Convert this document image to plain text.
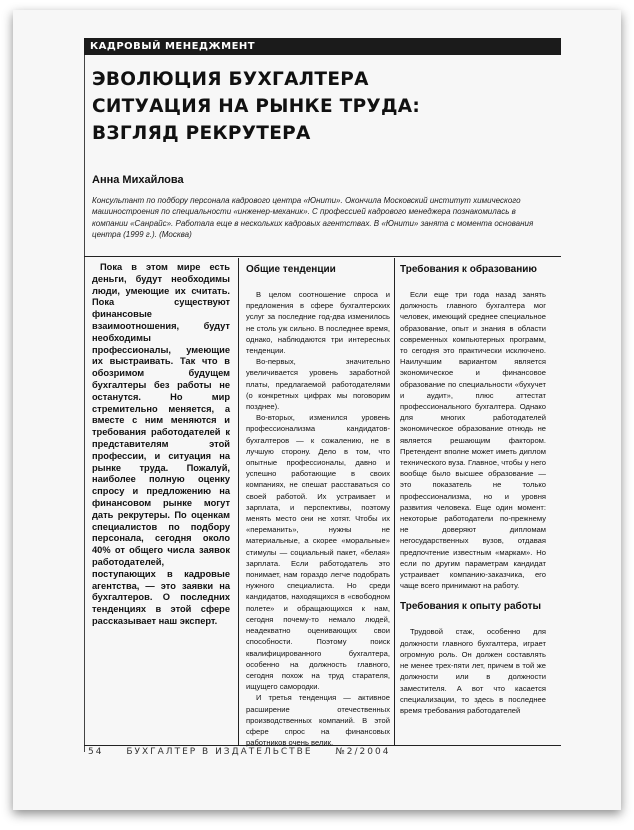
КАДРОВЫЙ МЕНЕДЖМЕНТ
ЭВОЛЮЦИЯ БУХГАЛТЕРА
СИТУАЦИЯ НА РЫНКЕ ТРУДА:
ВЗГЛЯД РЕКРУТЕРА
Анна Михайлова
Консультант по подбору персонала кадрового центра «Юнити». Окончила Московский институт химического машиностроения по специальности «инженер-механик». С профессией кадрового менеджера познакомилась в компании «Санрайс». Работала еще в нескольких кадровых агентствах. В «Юнити» занята с момента основания центра (1999 г.). (Москва)
Пока в этом мире есть деньги, будут необходимы люди, умеющие их считать. Пока существуют финансовые взаимоотношения, будут необходимы профессионалы, умеющие их выстраивать. Так что в обозримом будущем бухгалтеры без работы не останутся. Но мир стремительно меняется, а вместе с ним меняются и требования работодателей к представителям этой профессии, и ситуация на рынке труда. Пожалуй, наиболее полную оценку спросу и предложению на финансовом рынке могут дать рекрутеры. По оценкам специалистов по подбору персонала, сегодня около 40% от общего числа заявок работодателей, поступающих в кадровые агентства, — это заявки на бухгалтеров. О последних тенденциях в этой сфере рассказывает наш эксперт.
Общие тенденции

В целом соотношение спроса и предложения в сфере бухгалтерских услуг за последние год-два изменилось не столь уж сильно. В последнее время, однако, наблюдаются три интересных тенденции.

Во-первых, значительно увеличивается уровень заработной платы, предлагаемой работодателями (о конкретных цифрах мы поговорим позднее).

Во-вторых, изменился уровень профессионализма кандидатов-бухгалтеров — к сожалению, не в лучшую сторону. Дело в том, что опытные профессионалы, давно и успешно работающие в своих компаниях, не спешат расставаться со своей работой. Их устраивает и зарплата, и перспективы, поэтому менять место они не хотят. Чтобы их «переманить», нужны не материальные, а скорее «моральные» стимулы — социальный пакет, «белая» зарплата. Если работодатель это понимает, нам гораздо легче подобрать нужного специалиста. Но среди кандидатов, находящихся в «свободном полете» и обращающихся к нам, сегодня почему-то немало людей, неадекватно оценивающих свои способности. Поэтому поиск квалифицированного бухгалтера, особенно на должность главного, сегодня похож на труд старателя, ищущего самородки.

И третья тенденция — активное расширение отечественных производственных компаний. В этой сфере спрос на финансовых работников очень велик.

Требования к образованию

Если еще три года назад занять должность главного бухгалтера мог человек, имеющий среднее специальное образование, опыт и знания в области современных компьютерных программ, то сегодня это практически исключено. Наилучшим вариантом является экономическое и финансовое образование по специальности «бухучет и аудит», плюс аттестат профессионального бухгалтера. Однако для многих работодателей экономическое образование отнюдь не является решающим фактором. Претендент вполне может иметь диплом технического вуза. Главное, чтобы у него вообще было высшее образование — это показатель не только профессионализма, но и уровня развития человека. Еще один момент: некоторые работодатели по-прежнему не доверяют дипломам негосударственных вузов, отдавая предпочтение известным «маркам». Но если по другим параметрам кандидат устраивает компанию-заказчика, его чаще всего принимают на работу.

Требования к опыту работы

Трудовой стаж, особенно для должности главного бухгалтера, играет огромную роль. Он должен составлять не менее трех-пяти лет, причем в той же должности или в должности заместителя. А вот что касается специализации, то здесь в последнее время требования работодателей

54	БУХГАЛТЕР В ИЗДАТЕЛЬСТВЕ	№2/2004
